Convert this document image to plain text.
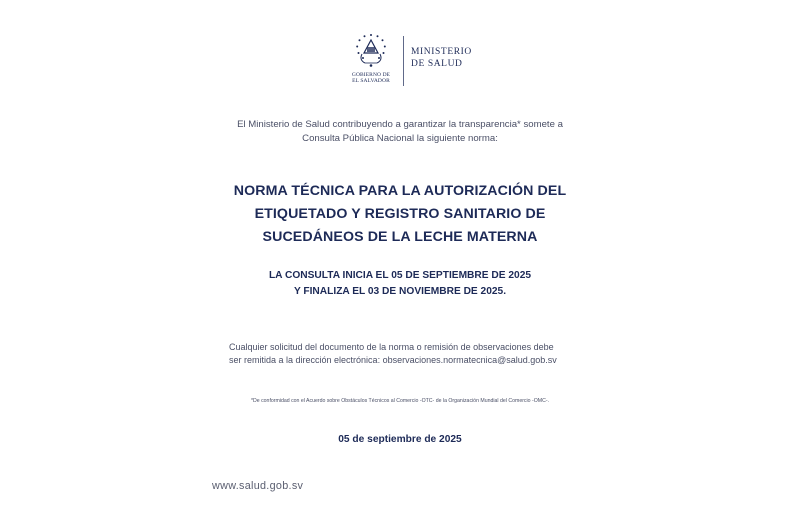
GOBIERNO DE
EL SALVADOR
MINISTERIO
DE SALUD
El Ministerio de Salud contribuyendo a garantizar la transparencia* somete a
Consulta Pública Nacional la siguiente norma:
NORMA TÉCNICA PARA LA AUTORIZACIÓN DEL
ETIQUETADO Y REGISTRO SANITARIO DE
SUCEDÁNEOS DE LA LECHE MATERNA
LA CONSULTA INICIA EL 05 DE SEPTIEMBRE DE 2025
Y FINALIZA EL 03 DE NOVIEMBRE DE 2025.
Cualquier solicitud del documento de la norma o remisión de observaciones debe
ser remitida a la dirección electrónica: observaciones.normatecnica@salud.gob.sv
*De conformidad con el Acuerdo sobre Obstáculos Técnicos al Comercio -OTC- de la Organización Mundial del Comercio -OMC-.
05 de septiembre de 2025
www.salud.gob.sv
